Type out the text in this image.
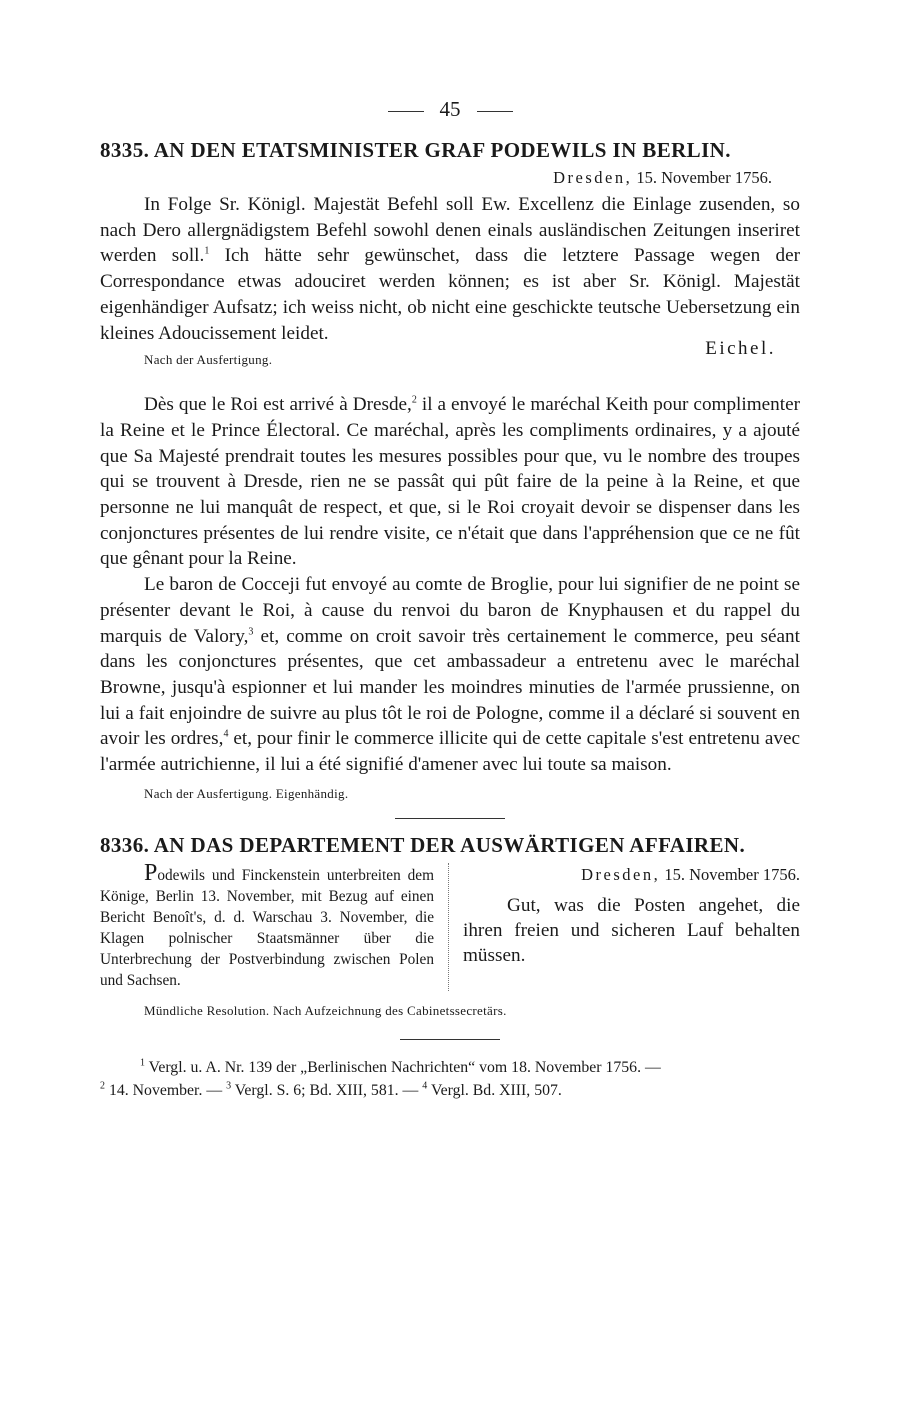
45
8335. AN DEN ETATSMINISTER GRAF PODEWILS IN BERLIN.
Dresden, 15. November 1756.

In Folge Sr. Königl. Majestät Befehl soll Ew. Excellenz die Einlage zusenden, so nach Dero allergnädigstem Befehl sowohl denen einals ausländischen Zeitungen inseriret werden soll.$^1$ Ich hätte sehr gewünschet, dass die letztere Passage wegen der Correspondance etwas adouciret werden können; es ist aber Sr. Königl. Majestät eigenhändiger Aufsatz; ich weiss nicht, ob nicht eine geschickte teutsche Uebersetzung ein kleines Adoucissement leidet.

Nach der Ausfertigung.
Eichel.

Dès que le Roi est arrivé à Dresde,$^2$ il a envoyé le maréchal Keith pour complimenter la Reine et le Prince Électoral. Ce maréchal, après les compliments ordinaires, y a ajouté que Sa Majesté prendrait toutes les mesures possibles pour que, vu le nombre des troupes qui se trouvent à Dresde, rien ne se passât qui pût faire de la peine à la Reine, et que personne ne lui manquât de respect, et que, si le Roi croyait devoir se dispenser dans les conjonctures présentes de lui rendre visite, ce n'était que dans l'appréhension que ce ne fût que gênant pour la Reine.

Le baron de Cocceji fut envoyé au comte de Broglie, pour lui signifier de ne point se présenter devant le Roi, à cause du renvoi du baron de Knyphausen et du rappel du marquis de Valory,$^3$ et, comme on croit savoir très certainement le commerce, peu séant dans les conjonctures présentes, que cet ambassadeur a entretenu avec le maréchal Browne, jusqu'à espionner et lui mander les moindres minuties de l'armée prussienne, on lui a fait enjoindre de suivre au plus tôt le roi de Pologne, comme il a déclaré si souvent en avoir les ordres,$^4$ et, pour finir le commerce illicite qui de cette capitale s'est entretenu avec l'armée autrichienne, il lui a été signifié d'amener avec lui toute sa maison.

Nach der Ausfertigung. Eigenhändig.
8336. AN DAS DEPARTEMENT DER AUSWÄRTIGEN AFFAIREN.
Podewils und Finckenstein unterbreiten dem Könige, Berlin 13. November, mit Bezug auf einen Bericht Benoît's, d. d. Warschau 3. November, die Klagen polnischer Staatsmänner über die Unterbrechung der Postverbindung zwischen Polen und Sachsen.
Dresden, 15. November 1756.

Gut, was die Posten angehet, die ihren freien und sicheren Lauf behalten müssen.

Mündliche Resolution. Nach Aufzeichnung des Cabinetssecretärs.

$^1$ Vergl. u. A. Nr. 139 der „Berlinischen Nachrichten“ vom 18. November 1756. —

$^2$ 14. November. — $^3$ Vergl. S. 6; Bd. XIII, 581. — $^4$ Vergl. Bd. XIII, 507.
